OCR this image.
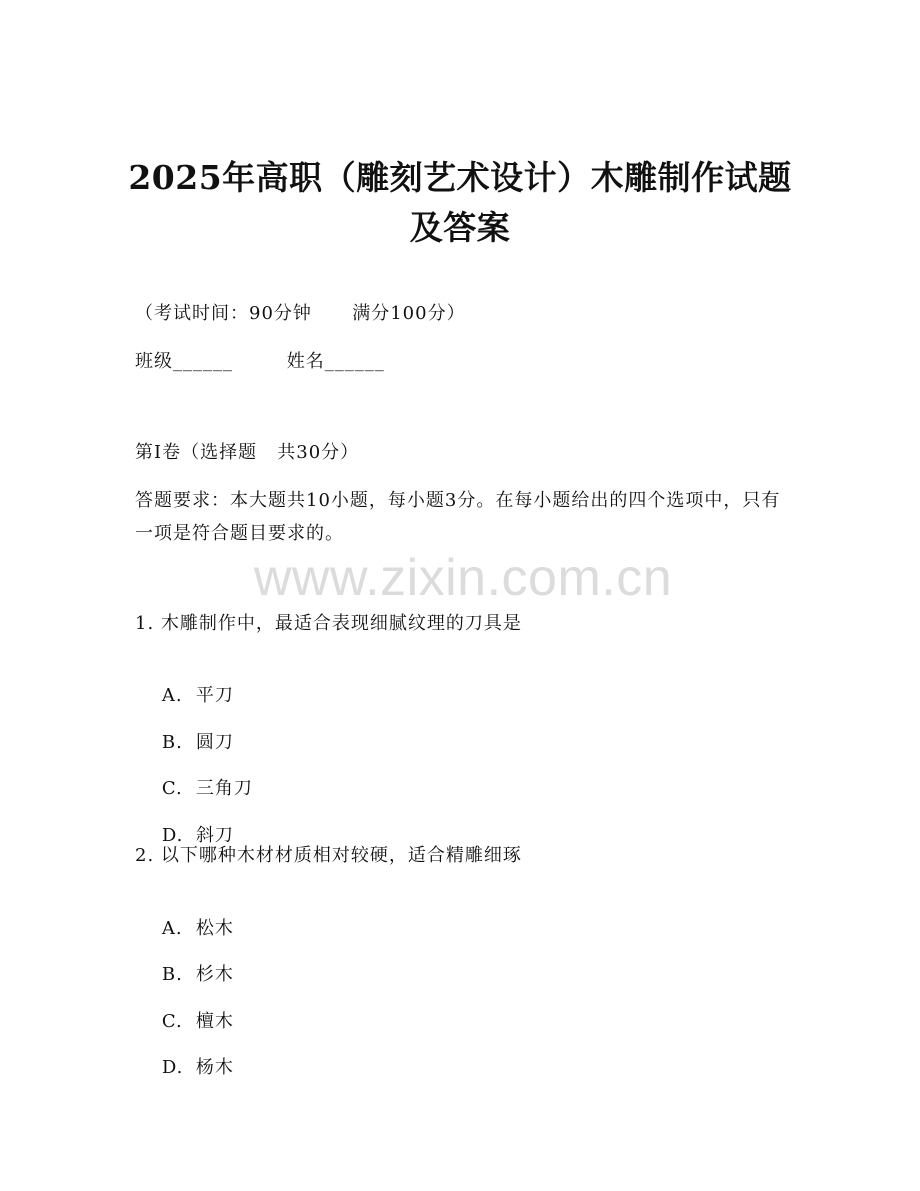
2025年高职（雕刻艺术设计）木雕制作试题
及答案
（考试时间：90分钟      满分100分）
班级______        姓名______
第I卷（选择题   共30分）
答题要求：本大题共10小题，每小题3分。在每小题给出的四个选项中，只有一项是符合题目要求的。
www.zixin.com.cn
1. 木雕制作中，最适合表现细腻纹理的刀具是

A. 平刀

B. 圆刀

C. 三角刀

D. 斜刀

2. 以下哪种木材材质相对较硬，适合精雕细琢

A. 松木

B. 杉木

C. 檀木

D. 杨木
